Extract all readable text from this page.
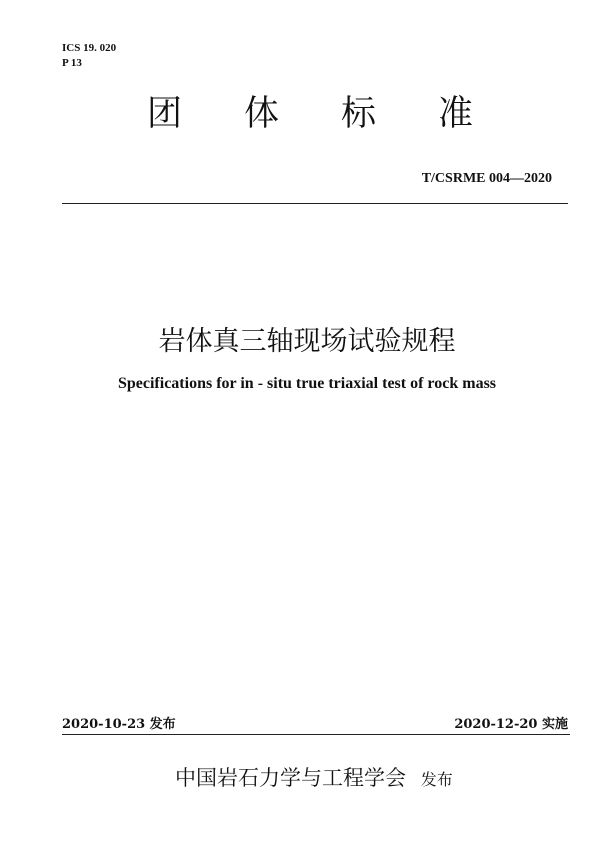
ICS 19. 020
P 13
团 体 标 准
T/CSRME 004—2020
岩体真三轴现场试验规程
Specifications for in - situ true triaxial test of rock mass
2020-10-23 发布	2020-12-20 实施
中国岩石力学与工程学会 发布
